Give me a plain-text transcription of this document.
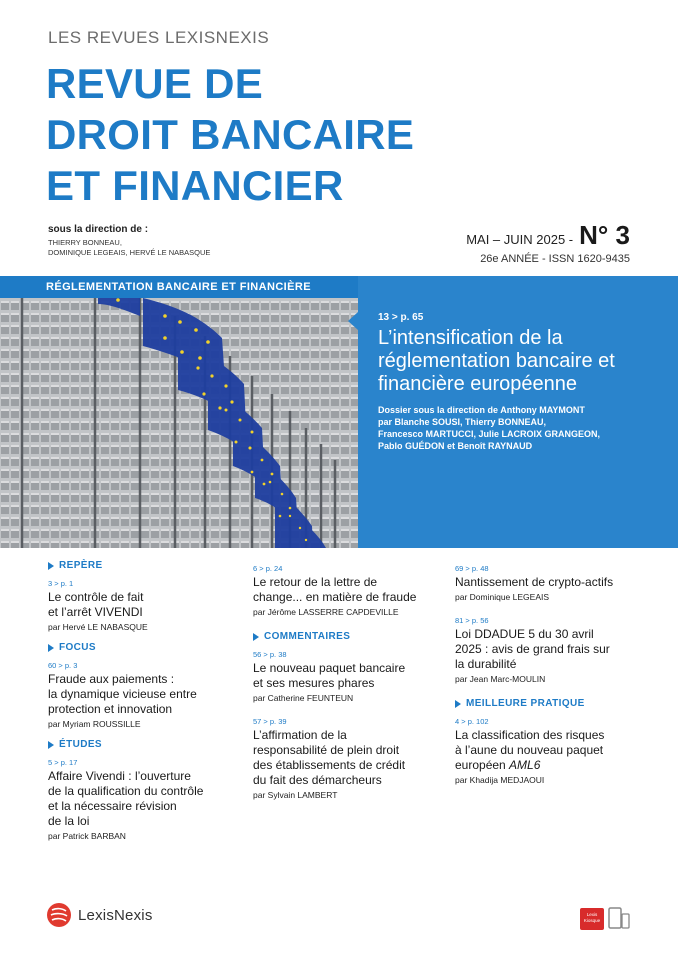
LES REVUES LEXISNEXIS
REVUE DE
DROIT BANCAIRE
ET FINANCIER
sous la direction de :
THIERRY BONNEAU,
DOMINIQUE LEGEAIS, HERVÉ LE NABASQUE
MAI – JUIN 2025 - N° 3
26e ANNÉE - ISSN 1620-9435
RÉGLEMENTATION BANCAIRE ET FINANCIÈRE
13 > p. 65
L’intensification de la réglementation bancaire et financière européenne
Dossier sous la direction de Anthony MAYMONT
par Blanche SOUSI, Thierry BONNEAU,
Francesco MARTUCCI, Julie LACROIX GRANGEON,
Pablo GUÉDON et Benoît RAYNAUD
REPÈRE
3 > p. 1
Le contrôle de fait
et l’arrêt VIVENDI
par Hervé LE NABASQUE
FOCUS
60 > p. 3
Fraude aux paiements :
la dynamique vicieuse entre
protection et innovation
par Myriam ROUSSILLE
ÉTUDES
5 > p. 17
Affaire Vivendi : l’ouverture
de la qualification du contrôle
et la nécessaire révision
de la loi
par Patrick BARBAN
6 > p. 24
Le retour de la lettre de
change... en matière de fraude
par Jérôme LASSERRE CAPDEVILLE
COMMENTAIRES
56 > p. 38
Le nouveau paquet bancaire
et ses mesures phares
par Catherine FEUNTEUN
57 > p. 39
L’affirmation de la
responsabilité de plein droit
des établissements de crédit
du fait des démarcheurs
par Sylvain LAMBERT
69 > p. 48
Nantissement de crypto-actifs
par Dominique LEGEAIS
81 > p. 56
Loi DDADUE 5 du 30 avril
2025 : avis de grand frais sur
la durabilité
par Jean Marc-MOULIN
MEILLEURE PRATIQUE
4 > p. 102
La classification des risques
à l’aune du nouveau paquet
européen AML6
par Khadija MEDJAOUI
LexisNexis	Lexis Kiosque
